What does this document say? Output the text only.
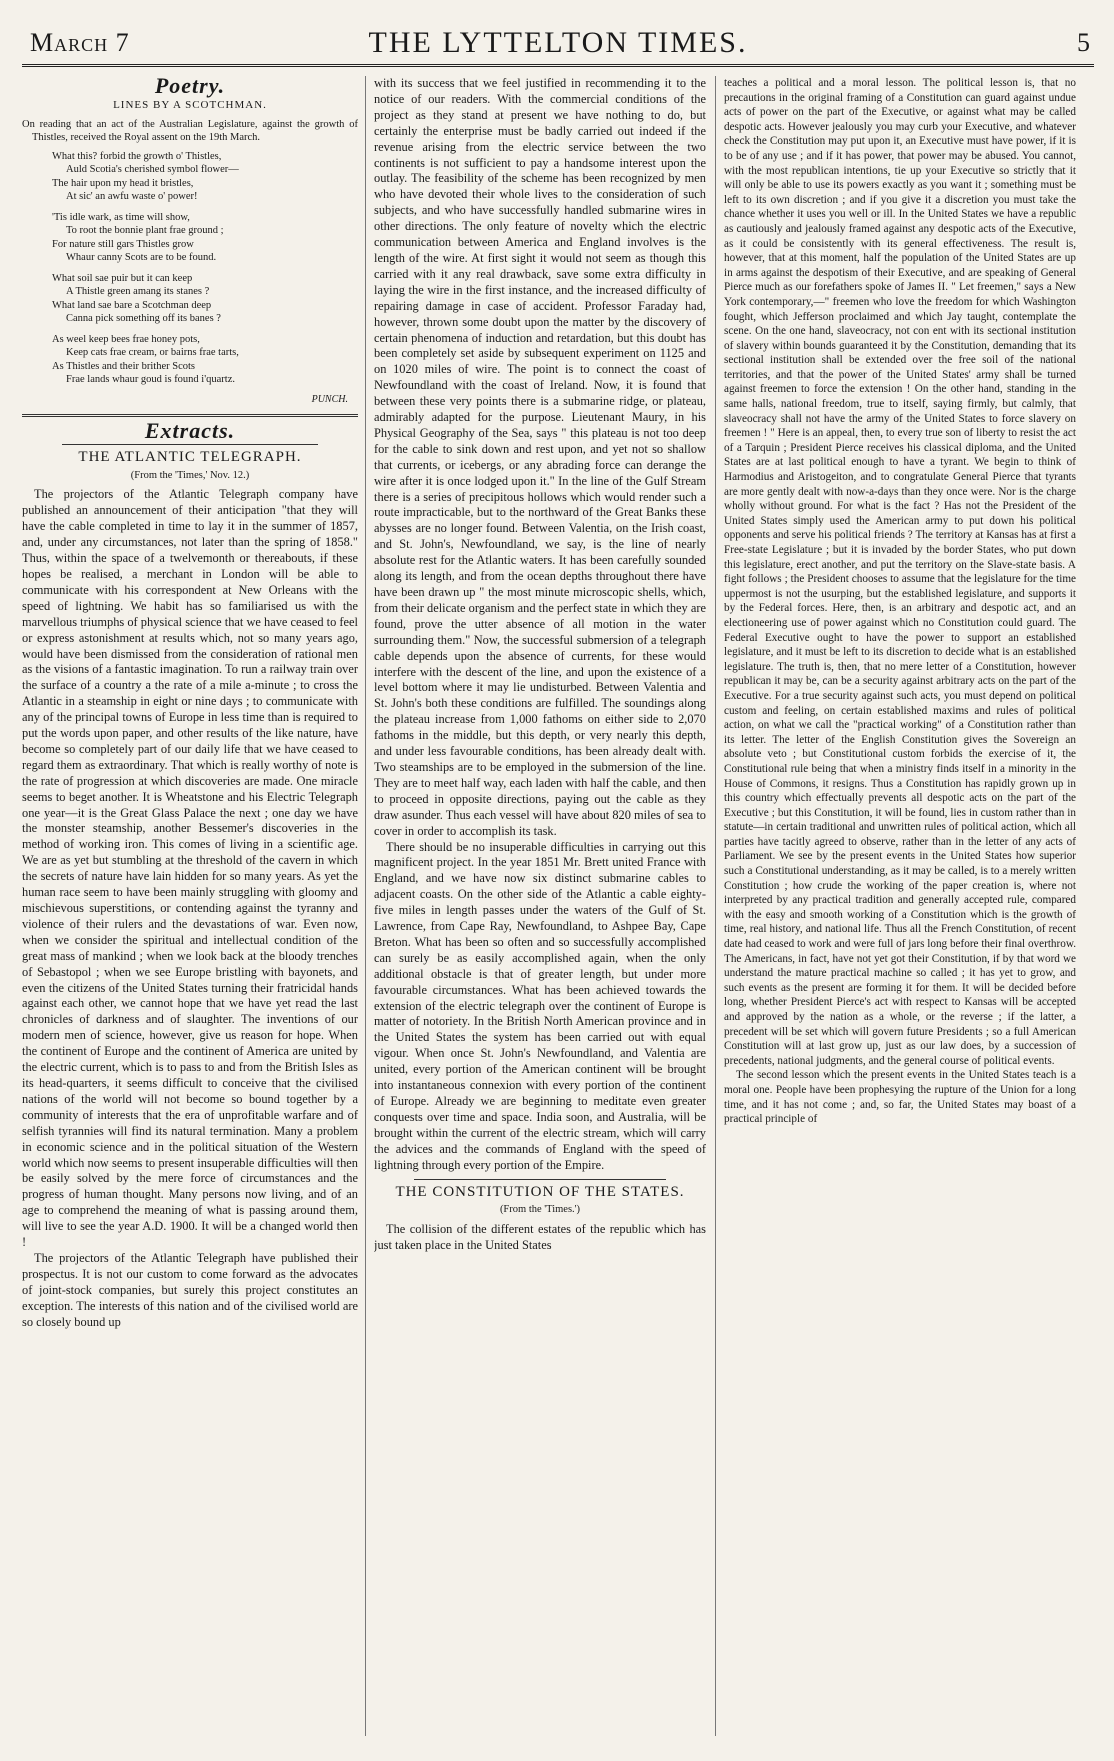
March 7	THE LYTTELTON TIMES.	5
Poetry.
LINES BY A SCOTCHMAN.
On reading that an act of the Australian Legislature, against the growth of Thistles, received the Royal assent on the 19th March.
What this? forbid the growth o' Thistles,
Auld Scotia's cherished symbol flower—
The hair upon my head it bristles,
At sic' an awfu waste o' power!
'Tis idle wark, as time will show,
To root the bonnie plant frae ground ;
For nature still gars Thistles grow
Whaur canny Scots are to be found.
What soil sae puir but it can keep
A Thistle green amang its stanes ?
What land sae bare a Scotchman deep
Canna pick something off its banes ?
As weel keep bees frae honey pots,
Keep cats frae cream, or bairns frae tarts,
As Thistles and their brither Scots
Frae lands whaur goud is found i'quartz.
PUNCH.
Extracts.
THE ATLANTIC TELEGRAPH.
(From the 'Times,' Nov. 12.)

The projectors of the Atlantic Telegraph company have published an announcement of their anticipation "that they will have the cable completed in time to lay it in the summer of 1857, and, under any circumstances, not later than the spring of 1858." Thus, within the space of a twelvemonth or thereabouts, if these hopes be realised, a merchant in London will be able to communicate with his correspondent at New Orleans with the speed of lightning. We habit has so familiarised us with the marvellous triumphs of physical science that we have ceased to feel or express astonishment at results which, not so many years ago, would have been dismissed from the consideration of rational men as the visions of a fantastic imagination. To run a railway train over the surface of a country a the rate of a mile a-minute ; to cross the Atlantic in a steamship in eight or nine days ; to communicate with any of the principal towns of Europe in less time than is required to put the words upon paper, and other results of the like nature, have become so completely part of our daily life that we have ceased to regard them as extraordinary. That which is really worthy of note is the rate of progression at which discoveries are made. One miracle seems to beget another. It is Wheatstone and his Electric Telegraph one year—it is the Great Glass Palace the next ; one day we have the monster steamship, another Bessemer's discoveries in the method of working iron. This comes of living in a scientific age. We are as yet but stumbling at the threshold of the cavern in which the secrets of nature have lain hidden for so many years. As yet the human race seem to have been mainly struggling with gloomy and mischievous superstitions, or contending against the tyranny and violence of their rulers and the devastations of war. Even now, when we consider the spiritual and intellectual condition of the great mass of mankind ; when we look back at the bloody trenches of Sebastopol ; when we see Europe bristling with bayonets, and even the citizens of the United States turning their fratricidal hands against each other, we cannot hope that we have yet read the last chronicles of darkness and of slaughter. The inventions of our modern men of science, however, give us reason for hope. When the continent of Europe and the continent of America are united by the electric current, which is to pass to and from the British Isles as its head-quarters, it seems difficult to conceive that the civilised nations of the world will not become so bound together by a community of interests that the era of unprofitable warfare and of selfish tyrannies will find its natural termination. Many a problem in economic science and in the political situation of the Western world which now seems to present insuperable difficulties will then be easily solved by the mere force of circumstances and the progress of human thought. Many persons now living, and of an age to comprehend the meaning of what is passing around them, will live to see the year A.D. 1900. It will be a changed world then !

The projectors of the Atlantic Telegraph have published their prospectus. It is not our custom to come forward as the advocates of joint-stock companies, but surely this project constitutes an exception. The interests of this nation and of the civilised world are so closely bound up

with its success that we feel justified in recommending it to the notice of our readers. With the commercial conditions of the project as they stand at present we have nothing to do, but certainly the enterprise must be badly carried out indeed if the revenue arising from the electric service between the two continents is not sufficient to pay a handsome interest upon the outlay. The feasibility of the scheme has been recognized by men who have devoted their whole lives to the consideration of such subjects, and who have successfully handled submarine wires in other directions. The only feature of novelty which the electric communication between America and England involves is the length of the wire. At first sight it would not seem as though this carried with it any real drawback, save some extra difficulty in laying the wire in the first instance, and the increased difficulty of repairing damage in case of accident. Professor Faraday had, however, thrown some doubt upon the matter by the discovery of certain phenomena of induction and retardation, but this doubt has been completely set aside by subsequent experiment on 1125 and on 1020 miles of wire. The point is to connect the coast of Newfoundland with the coast of Ireland. Now, it is found that between these very points there is a submarine ridge, or plateau, admirably adapted for the purpose. Lieutenant Maury, in his Physical Geography of the Sea, says " this plateau is not too deep for the cable to sink down and rest upon, and yet not so shallow that currents, or icebergs, or any abrading force can derange the wire after it is once lodged upon it." In the line of the Gulf Stream there is a series of precipitous hollows which would render such a route impracticable, but to the northward of the Great Banks these abysses are no longer found. Between Valentia, on the Irish coast, and St. John's, Newfoundland, we say, is the line of nearly absolute rest for the Atlantic waters. It has been carefully sounded along its length, and from the ocean depths throughout there have have been drawn up " the most minute microscopic shells, which, from their delicate organism and the perfect state in which they are found, prove the utter absence of all motion in the water surrounding them." Now, the successful submersion of a telegraph cable depends upon the absence of currents, for these would interfere with the descent of the line, and upon the existence of a level bottom where it may lie undisturbed. Between Valentia and St. John's both these conditions are fulfilled. The soundings along the plateau increase from 1,000 fathoms on either side to 2,070 fathoms in the middle, but this depth, or very nearly this depth, and under less favourable conditions, has been already dealt with. Two steamships are to be employed in the submersion of the line. They are to meet half way, each laden with half the cable, and then to proceed in opposite directions, paying out the cable as they draw asunder. Thus each vessel will have about 820 miles of sea to cover in order to accomplish its task.

There should be no insuperable difficulties in carrying out this magnificent project. In the year 1851 Mr. Brett united France with England, and we have now six distinct submarine cables to adjacent coasts. On the other side of the Atlantic a cable eighty-five miles in length passes under the waters of the Gulf of St. Lawrence, from Cape Ray, Newfoundland, to Ashpee Bay, Cape Breton. What has been so often and so successfully accomplished can surely be as easily accomplished again, when the only additional obstacle is that of greater length, but under more favourable circumstances. What has been achieved towards the extension of the electric telegraph over the continent of Europe is matter of notoriety. In the British North American province and in the United States the system has been carried out with equal vigour. When once St. John's Newfoundland, and Valentia are united, every portion of the American continent will be brought into instantaneous connexion with every portion of the continent of Europe. Already we are beginning to meditate even greater conquests over time and space. India soon, and Australia, will be brought within the current of the electric stream, which will carry the advices and the commands of England with the speed of lightning through every portion of the Empire.

THE CONSTITUTION OF THE STATES.
(From the 'Times.')

The collision of the different estates of the republic which has just taken place in the United States

teaches a political and a moral lesson. The political lesson is, that no precautions in the original framing of a Constitution can guard against undue acts of power on the part of the Executive, or against what may be called despotic acts. However jealously you may curb your Executive, and whatever check the Constitution may put upon it, an Executive must have power, if it is to be of any use ; and if it has power, that power may be abused. You cannot, with the most republican intentions, tie up your Executive so strictly that it will only be able to use its powers exactly as you want it ; something must be left to its own discretion ; and if you give it a discretion you must take the chance whether it uses you well or ill. In the United States we have a republic as cautiously and jealously framed against any despotic acts of the Executive, as it could be consistently with its general effectiveness. The result is, however, that at this moment, half the population of the United States are up in arms against the despotism of their Executive, and are speaking of General Pierce much as our forefathers spoke of James II. " Let freemen," says a New York contemporary,—" freemen who love the freedom for which Washington fought, which Jefferson proclaimed and which Jay taught, contemplate the scene. On the one hand, slaveocracy, not con ent with its sectional institution of slavery within bounds guaranteed it by the Constitution, demanding that its sectional institution shall be extended over the free soil of the national territories, and that the power of the United States' army shall be turned against freemen to force the extension ! On the other hand, standing in the same halls, national freedom, true to itself, saying firmly, but calmly, that slaveocracy shall not have the army of the United States to force slavery on freemen ! " Here is an appeal, then, to every true son of liberty to resist the act of a Tarquin ; President Pierce receives his classical diploma, and the United States are at last political enough to have a tyrant. We begin to think of Harmodius and Aristogeiton, and to congratulate General Pierce that tyrants are more gently dealt with now-a-days than they once were. Nor is the charge wholly without ground. For what is the fact ? Has not the President of the United States simply used the American army to put down his political opponents and serve his political friends ? The territory at Kansas has at first a Free-state Legislature ; but it is invaded by the border States, who put down this legislature, erect another, and put the territory on the Slave-state basis. A fight follows ; the President chooses to assume that the legislature for the time uppermost is not the usurping, but the established legislature, and supports it by the Federal forces. Here, then, is an arbitrary and despotic act, and an electioneering use of power against which no Constitution could guard. The Federal Executive ought to have the power to support an established legislature, and it must be left to its discretion to decide what is an established legislature. The truth is, then, that no mere letter of a Constitution, however republican it may be, can be a security against arbitrary acts on the part of the Executive. For a true security against such acts, you must depend on political custom and feeling, on certain established maxims and rules of political action, on what we call the "practical working" of a Constitution rather than its letter. The letter of the English Constitution gives the Sovereign an absolute veto ; but Constitutional custom forbids the exercise of it, the Constitutional rule being that when a ministry finds itself in a minority in the House of Commons, it resigns. Thus a Constitution has rapidly grown up in this country which effectually prevents all despotic acts on the part of the Executive ; but this Constitution, it will be found, lies in custom rather than in statute—in certain traditional and unwritten rules of political action, which all parties have tacitly agreed to observe, rather than in the letter of any acts of Parliament. We see by the present events in the United States how superior such a Constitutional understanding, as it may be called, is to a merely written Constitution ; how crude the working of the paper creation is, where not interpreted by any practical tradition and generally accepted rule, compared with the easy and smooth working of a Constitution which is the growth of time, real history, and national life. Thus all the French Constitution, of recent date had ceased to work and were full of jars long before their final overthrow. The Americans, in fact, have not yet got their Constitution, if by that word we understand the mature practical machine so called ; it has yet to grow, and such events as the present are forming it for them. It will be decided before long, whether President Pierce's act with respect to Kansas will be accepted and approved by the nation as a whole, or the reverse ; if the latter, a precedent will be set which will govern future Presidents ; so a full American Constitution will at last grow up, just as our law does, by a succession of precedents, national judgments, and the general course of political events.

The second lesson which the present events in the United States teach is a moral one. People have been prophesying the rupture of the Union for a long time, and it has not come ; and, so far, the United States may boast of a practical principle of
